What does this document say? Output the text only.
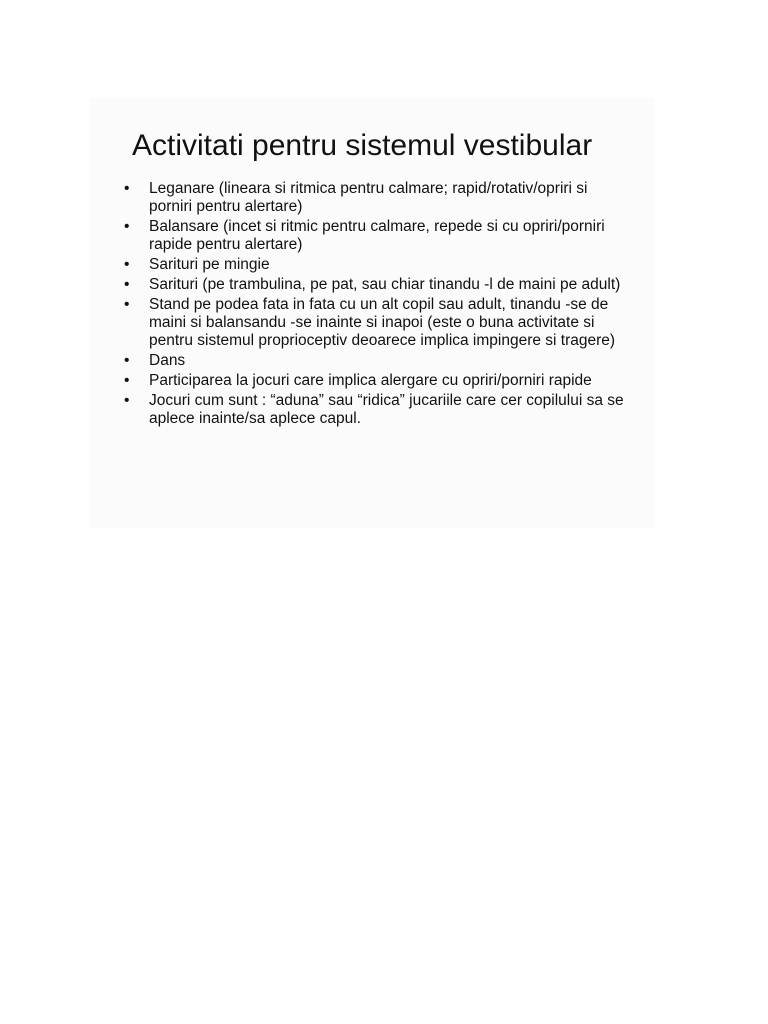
Activitati pentru sistemul vestibular
•	Leganare (lineara si ritmica pentru calmare; rapid/rotativ/opriri si porniri pentru alertare)
•	Balansare (incet si ritmic pentru calmare, repede si cu opriri/porniri rapide pentru alertare)
•	Sarituri pe mingie
•	Sarituri (pe trambulina, pe pat, sau chiar tinandu -l de maini pe adult)
•	Stand pe podea fata in fata cu un alt copil sau adult, tinandu -se de maini si balansandu -se inainte si inapoi (este o buna activitate si pentru sistemul proprioceptiv deoarece implica impingere si tragere)
•	Dans
•	Participarea la jocuri care implica alergare cu opriri/porniri rapide
•	Jocuri cum sunt : “aduna” sau “ridica” jucariile care cer copilului sa se aplece inainte/sa aplece capul.
